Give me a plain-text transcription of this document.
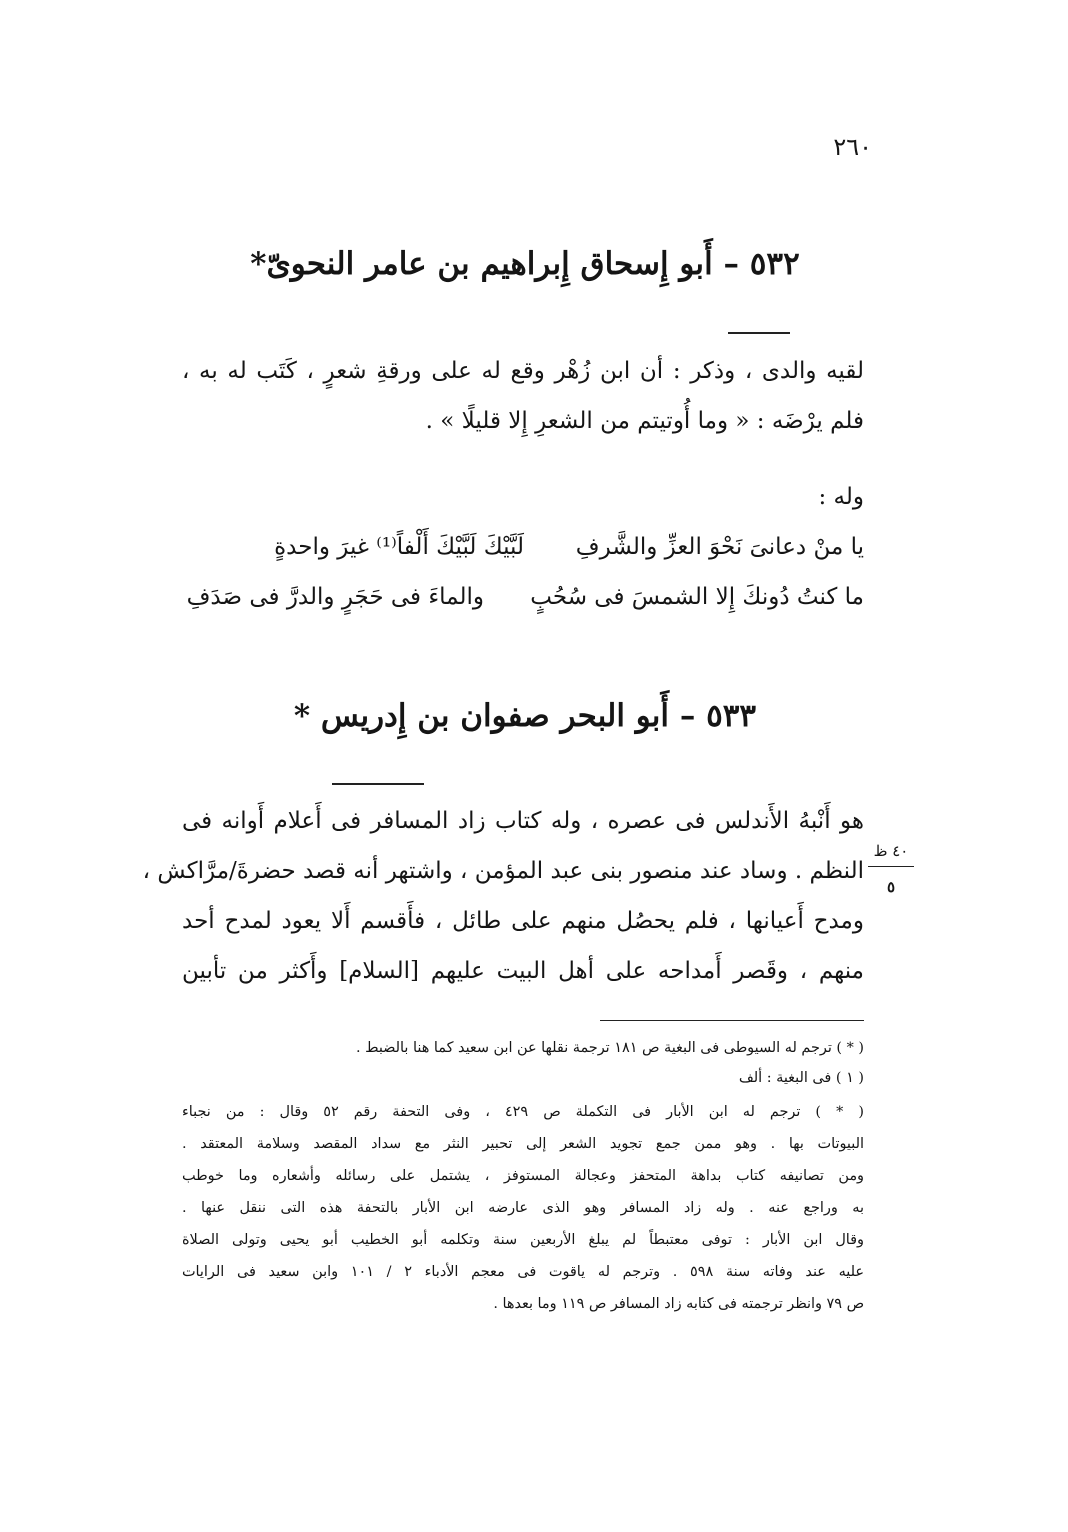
٢٦٠
٥٣٢ – أَبو إِسحاق إِبراهيم بن عامر النحوىّ*
لقيه والدى ، وذكر : أن ابن زُهْر وقع له على ورقةِ شعرٍ ، كَتَب له به ،
فلم يرْضَه : « وما أُوتيتم من الشعرِ إِلا قليلًا » .
وله :
يا منْ دعانىَ نَحْوَ العزِّ والشَّرفِ
لَبَّيْكَ لَبَّيْكَ أَلْفاً⁽¹⁾ غيرَ واحدةٍ
ما كنتُ دُونكَ إِلا الشمسَ فى سُحُبٍ
والماءَ فى حَجَرٍ والدرَّ فى صَدَفِ
٥٣٣ – أَبو البحر صفوان بن إِدريس *
هو أَنْبهُ الأَندلس فى عصره ، وله كتاب زاد المسافر فى أَعلام أَوانه فى
النظم . وساد عند منصور بنى عبد المؤمن ، واشتهر أنه قصد حضرةَ/مرَّاكش ،
ومدح أَعيانها ، فلم يحصُل منهم على طائل ، فأَقسم أَلا يعود لمدح أحد
منهم ، وقَصر أَمداحه على أهل البيت عليهم [السلام] وأَكثر من تأبين
٤٠ ظ
٥
( * ) ترجم له السيوطى فى البغية ص ١٨١ ترجمة نقلها عن ابن سعيد كما هنا بالضبط .
( ١ ) فى البغية : ألف
( * ) ترجم له ابن الأبار فى التكملة ص ٤٢٩ ، وفى التحفة رقم ٥٢ وقال : من نجباء
البيوتات بها . وهو ممن جمع تجويد الشعر إلى تحبير النثر مع سداد المقصد وسلامة المعتقد .
ومن تصانيفه كتاب بداهة المتحفز وعجالة المستوفز ، يشتمل على رسائله وأشعاره وما خوطب
به وراجع عنه . وله زاد المسافر وهو الذى عارضه ابن الأبار بالتحفة هذه التى ننقل عنها .
وقال ابن الأبار : توفى معتبطاً لم يبلغ الأربعين سنة وتكلمه أبو الخطيب أبو يحيى وتولى الصلاة
عليه عند وفاته سنة ٥٩٨ . وترجم له ياقوت فى معجم الأدباء ٢ / ١٠١ وابن سعيد فى الرايات
ص ٧٩ وانظر ترجمته فى كتابه زاد المسافر ص ١١٩ وما بعدها .
